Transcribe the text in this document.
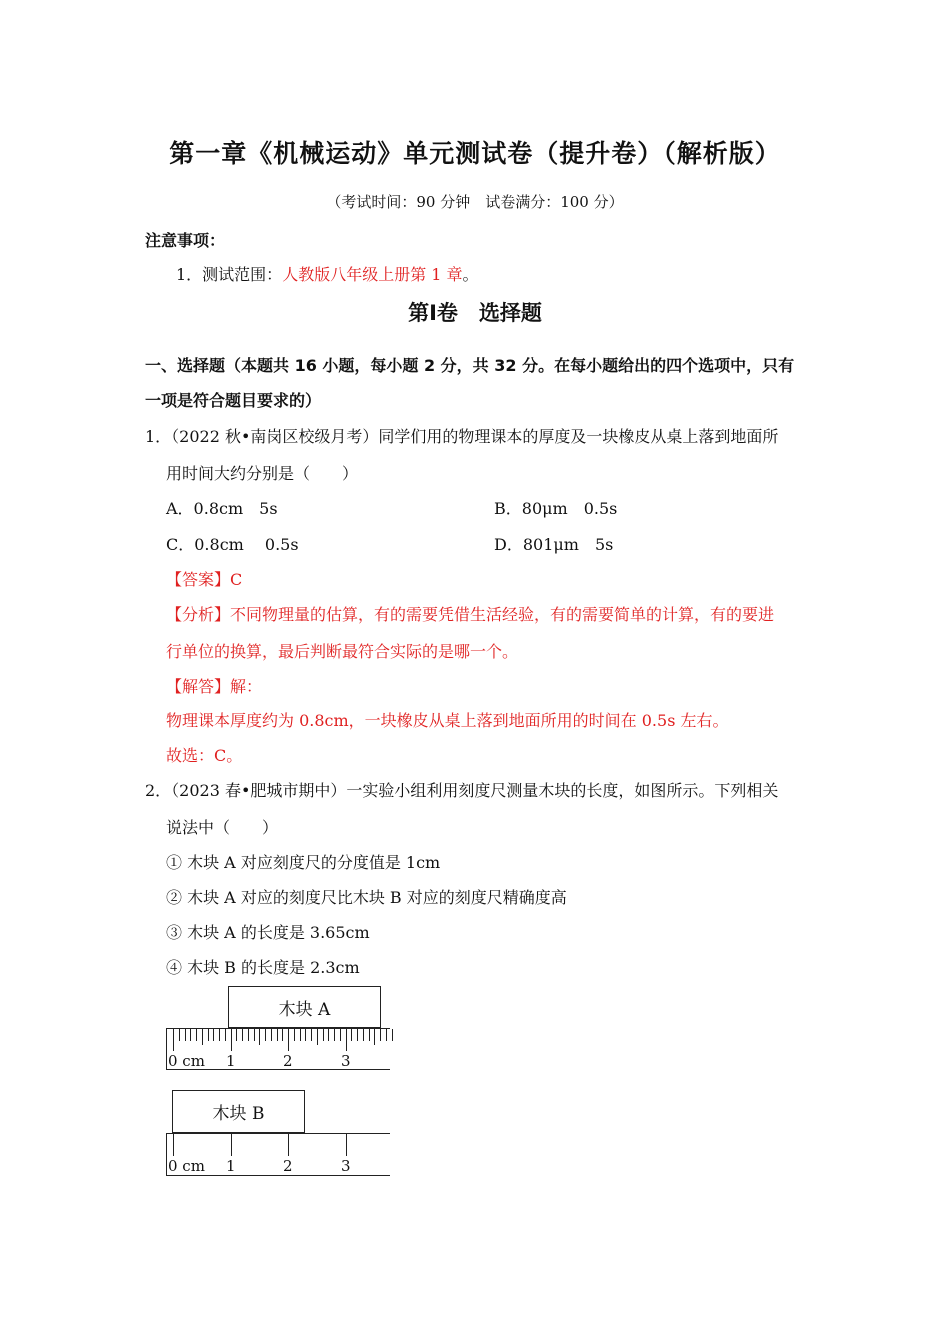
第一章《机械运动》单元测试卷（提升卷）（解析版）
（考试时间：90 分钟　试卷满分：100 分）
注意事项：
1．测试范围：人教版八年级上册第 1 章。
第Ⅰ卷　选择题
一、选择题（本题共 16 小题，每小题 2 分，共 32 分。在每小题给出的四个选项中，只有
一项是符合题目要求的）
1．（2022 秋•南岗区校级月考）同学们用的物理课本的厚度及一块橡皮从桌上落到地面所
用时间大约分别是（　　）
A．0.8cm　5s	B．80μm　0.5s
C．0.8cm　 0.5s	D．801μm　5s
【答案】C
【分析】不同物理量的估算，有的需要凭借生活经验，有的需要简单的计算，有的要进
行单位的换算，最后判断最符合实际的是哪一个。
【解答】解：
物理课本厚度约为 0.8cm，一块橡皮从桌上落到地面所用的时间在 0.5s 左右。
故选：C。
2．（2023 春•肥城市期中）一实验小组利用刻度尺测量木块的长度，如图所示。下列相关
说法中（　　）
① 木块 A 对应刻度尺的分度值是 1cm
② 木块 A 对应的刻度尺比木块 B 对应的刻度尺精确度高
③ 木块 A 的长度是 3.65cm
④ 木块 B 的长度是 2.3cm
木块 A
0 cm 1	2	3
木块 B
0 cm 1	2	3
